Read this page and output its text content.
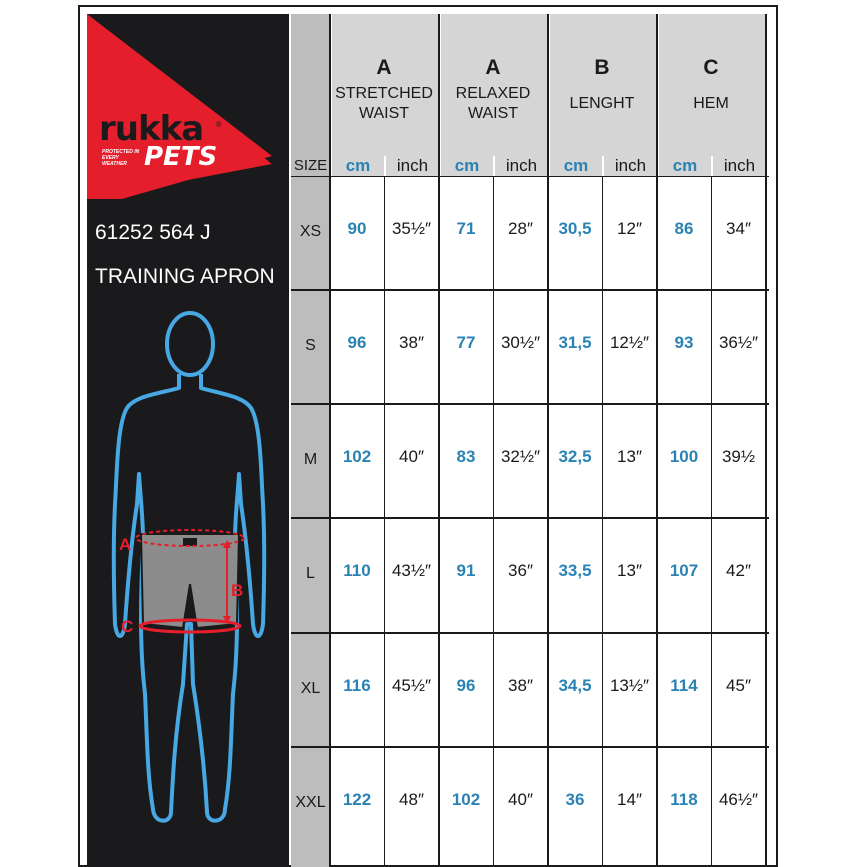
rukka ®
PROTECTED IN EVERY WEATHER PETS
61252 564 J
TRAINING APRON
A
B
C
A
STRETCHED
WAIST
cm	inch
A
RELAXED
WAIST
cm	inch
B
LENGHT
cm	inch
C
HEM
cm	inch
SIZE
XS	90	35½″	71	28″	30,5	12″	86	34″
S	96	38″	77	30½″	31,5	12½″	93	36½″
M	102	40″	83	32½″	32,5	13″	100	39½
L	110	43½″	91	36″	33,5	13″	107	42″
XL	116	45½″	96	38″	34,5	13½″	114	45″
XXL	122	48″	102	40″	36	14″	118	46½″
